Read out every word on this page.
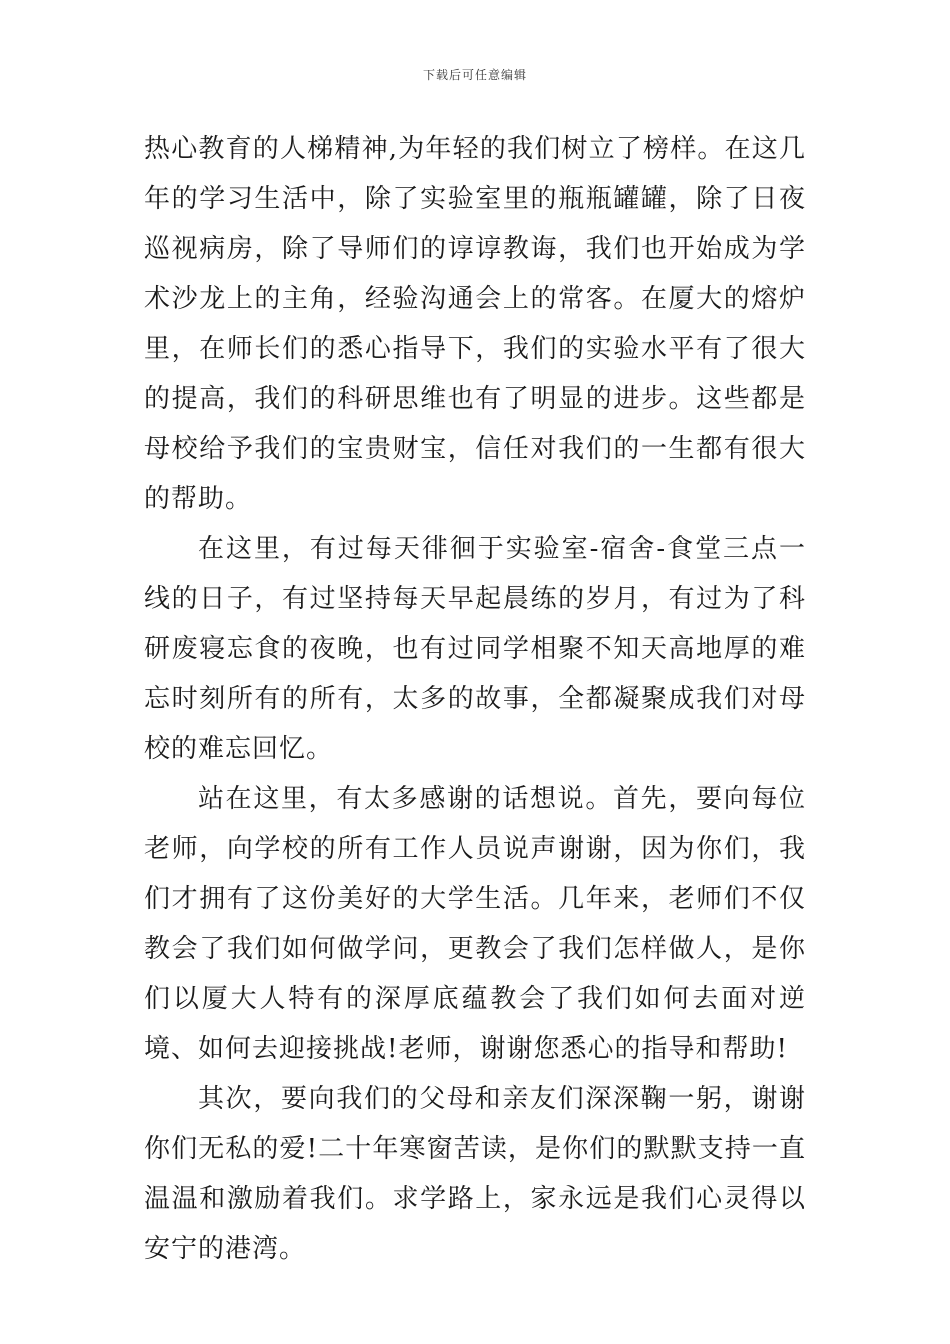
下载后可任意编辑

热心教育的人梯精神,为年轻的我们树立了榜样。在这几年的学习生活中，除了实验室里的瓶瓶罐罐，除了日夜巡视病房，除了导师们的谆谆教诲，我们也开始成为学术沙龙上的主角，经验沟通会上的常客。在厦大的熔炉里，在师长们的悉心指导下，我们的实验水平有了很大的提高，我们的科研思维也有了明显的进步。这些都是母校给予我们的宝贵财宝，信任对我们的一生都有很大的帮助。

在这里，有过每天徘徊于实验室-宿舍-食堂三点一线的日子，有过坚持每天早起晨练的岁月，有过为了科研废寝忘食的夜晚，也有过同学相聚不知天高地厚的难忘时刻所有的所有，太多的故事，全都凝聚成我们对母校的难忘回忆。

站在这里，有太多感谢的话想说。首先，要向每位老师，向学校的所有工作人员说声谢谢，因为你们，我们才拥有了这份美好的大学生活。几年来，老师们不仅教会了我们如何做学问，更教会了我们怎样做人，是你们以厦大人特有的深厚底蕴教会了我们如何去面对逆境、如何去迎接挑战!老师，谢谢您悉心的指导和帮助!

其次，要向我们的父母和亲友们深深鞠一躬，谢谢你们无私的爱!二十年寒窗苦读，是你们的默默支持一直温温和激励着我们。求学路上，家永远是我们心灵得以安宁的港湾。
